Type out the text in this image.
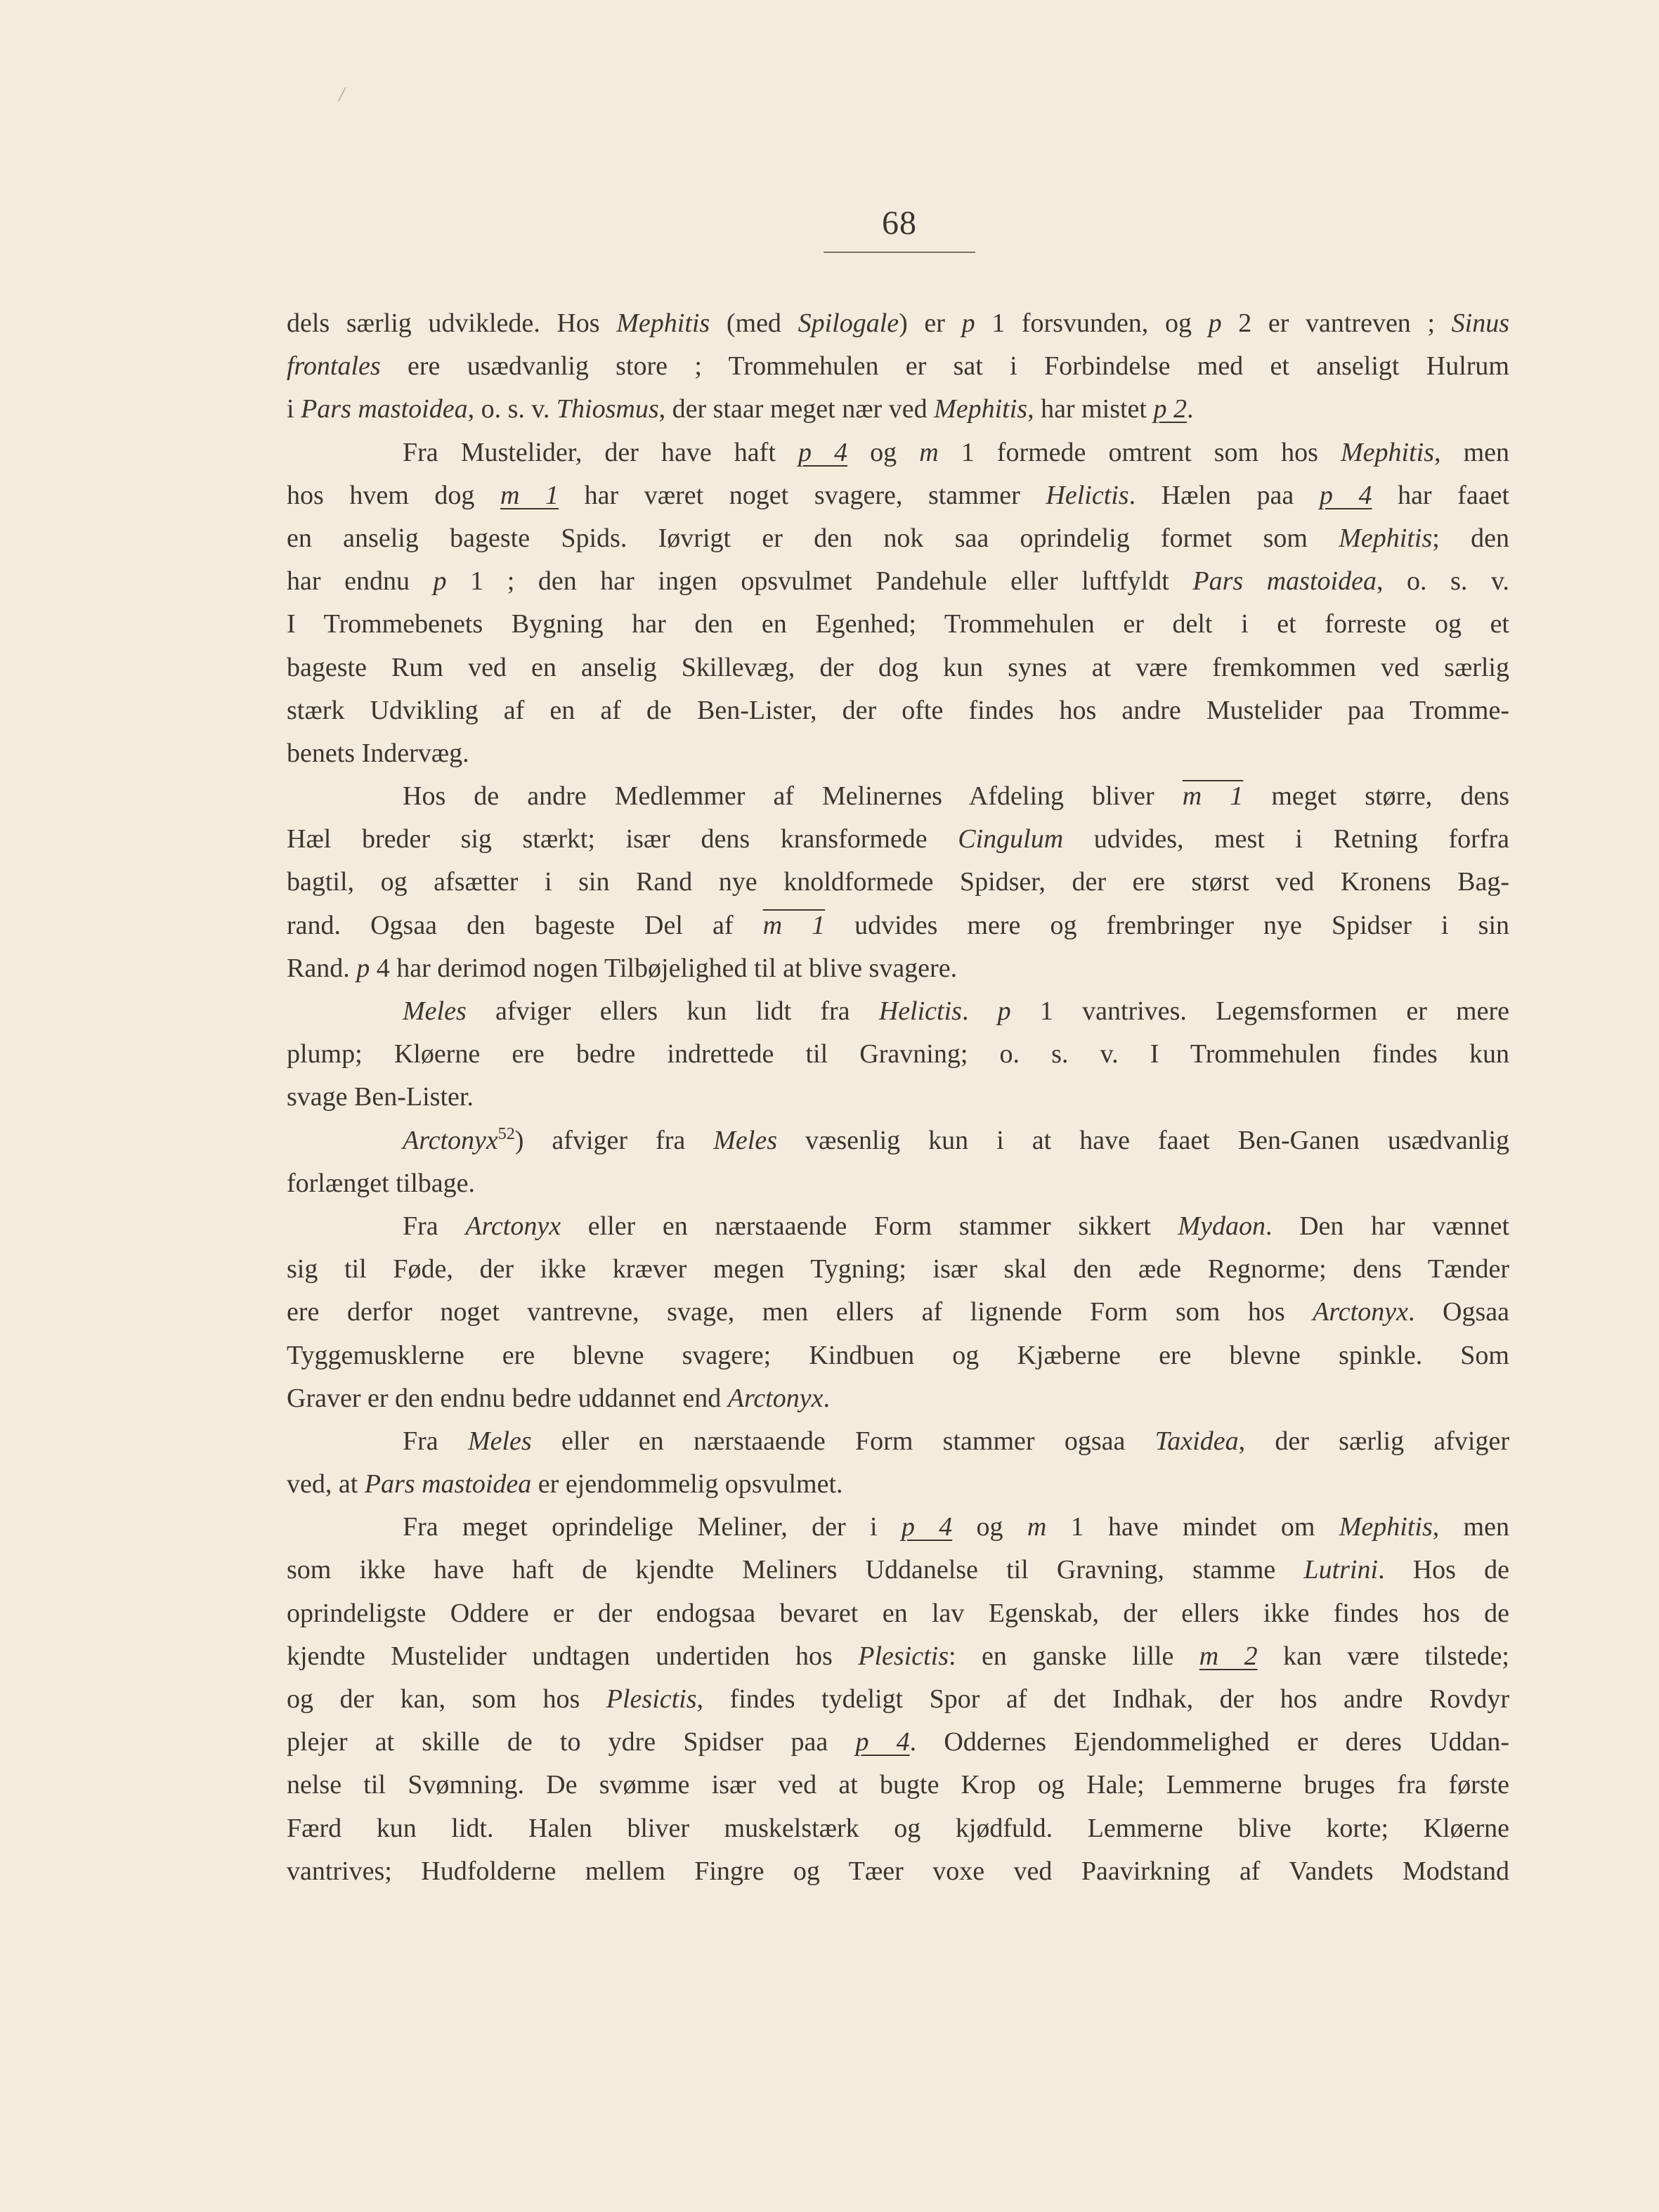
/
68
dels særlig udviklede. Hos Mephitis (med Spilogale) er p 1 forsvunden, og p 2 er vantreven ; Sinus
frontales ere usædvanlig store ; Trommehulen er sat i Forbindelse med et anseligt Hulrum
i Pars mastoidea, o. s. v. Thiosmus, der staar meget nær ved Mephitis, har mistet p 2.
Fra Mustelider, der have haft p 4 og m 1 formede omtrent som hos Mephitis, men
hos hvem dog m 1 har været noget svagere, stammer Helictis. Hælen paa p 4 har faaet
en anselig bageste Spids. Iøvrigt er den nok saa oprindelig formet som Mephitis; den
har endnu p 1 ; den har ingen opsvulmet Pandehule eller luftfyldt Pars mastoidea, o. s. v.
I Trommebenets Bygning har den en Egenhed; Trommehulen er delt i et forreste og et
bageste Rum ved en anselig Skillevæg, der dog kun synes at være fremkommen ved særlig
stærk Udvikling af en af de Ben-Lister, der ofte findes hos andre Mustelider paa Tromme-
benets Indervæg.
Hos de andre Medlemmer af Melinernes Afdeling bliver m 1 meget større, dens
Hæl breder sig stærkt; især dens kransformede Cingulum udvides, mest i Retning forfra
bagtil, og afsætter i sin Rand nye knoldformede Spidser, der ere størst ved Kronens Bag-
rand. Ogsaa den bageste Del af m 1 udvides mere og frembringer nye Spidser i sin
Rand. p 4 har derimod nogen Tilbøjelighed til at blive svagere.
Meles afviger ellers kun lidt fra Helictis. p 1 vantrives. Legemsformen er mere
plump; Kløerne ere bedre indrettede til Gravning; o. s. v. I Trommehulen findes kun
svage Ben-Lister.
Arctonyx$^{52}$) afviger fra Meles væsenlig kun i at have faaet Ben-Ganen usædvanlig
forlænget tilbage.
Fra Arctonyx eller en nærstaaende Form stammer sikkert Mydaon. Den har vænnet
sig til Føde, der ikke kræver megen Tygning; især skal den æde Regnorme; dens Tænder
ere derfor noget vantrevne, svage, men ellers af lignende Form som hos Arctonyx. Ogsaa
Tyggemusklerne ere blevne svagere; Kindbuen og Kjæberne ere blevne spinkle. Som
Graver er den endnu bedre uddannet end Arctonyx.
Fra Meles eller en nærstaaende Form stammer ogsaa Taxidea, der særlig afviger
ved, at Pars mastoidea er ejendommelig opsvulmet.
Fra meget oprindelige Meliner, der i p 4 og m 1 have mindet om Mephitis, men
som ikke have haft de kjendte Meliners Uddanelse til Gravning, stamme Lutrini. Hos de
oprindeligste Oddere er der endogsaa bevaret en lav Egenskab, der ellers ikke findes hos de
kjendte Mustelider undtagen undertiden hos Plesictis: en ganske lille m 2 kan være tilstede;
og der kan, som hos Plesictis, findes tydeligt Spor af det Indhak, der hos andre Rovdyr
plejer at skille de to ydre Spidser paa p 4. Oddernes Ejendommelighed er deres Uddan-
nelse til Svømning. De svømme især ved at bugte Krop og Hale; Lemmerne bruges fra første
Færd kun lidt. Halen bliver muskelstærk og kjødfuld. Lemmerne blive korte; Kløerne
vantrives; Hudfolderne mellem Fingre og Tæer voxe ved Paavirkning af Vandets Modstand
